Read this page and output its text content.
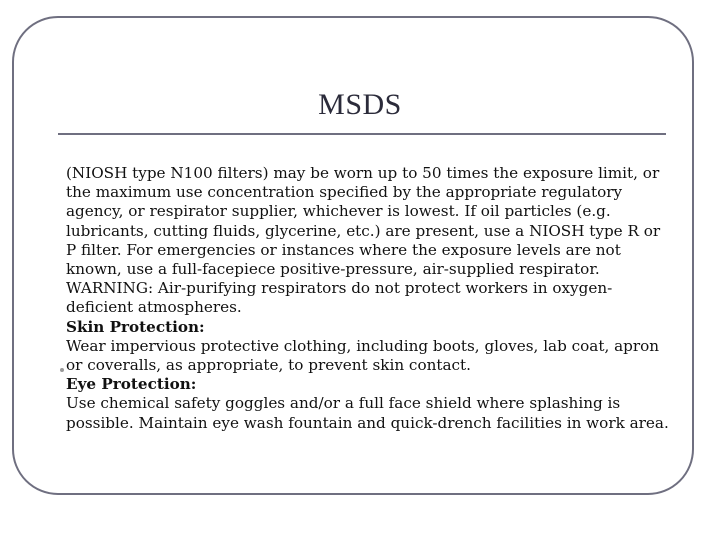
MSDS

(NIOSH type N100 filters) may be worn up to 50 times the exposure limit, or the maximum use concentration specified by the appropriate regulatory agency, or respirator supplier, whichever is lowest. If oil particles (e.g. lubricants, cutting fluids, glycerine, etc.) are present, use a NIOSH type R or P filter. For emergencies or instances where the exposure levels are not known, use a full-facepiece positive-pressure, air-supplied respirator. WARNING: Air-purifying respirators do not protect workers in oxygen-deficient atmospheres.

Skin Protection:

Wear impervious protective clothing, including boots, gloves, lab coat, apron or coveralls, as appropriate, to prevent skin contact.

Eye Protection:

Use chemical safety goggles and/or a full face shield where splashing is possible. Maintain eye wash fountain and quick-drench facilities in work area.
